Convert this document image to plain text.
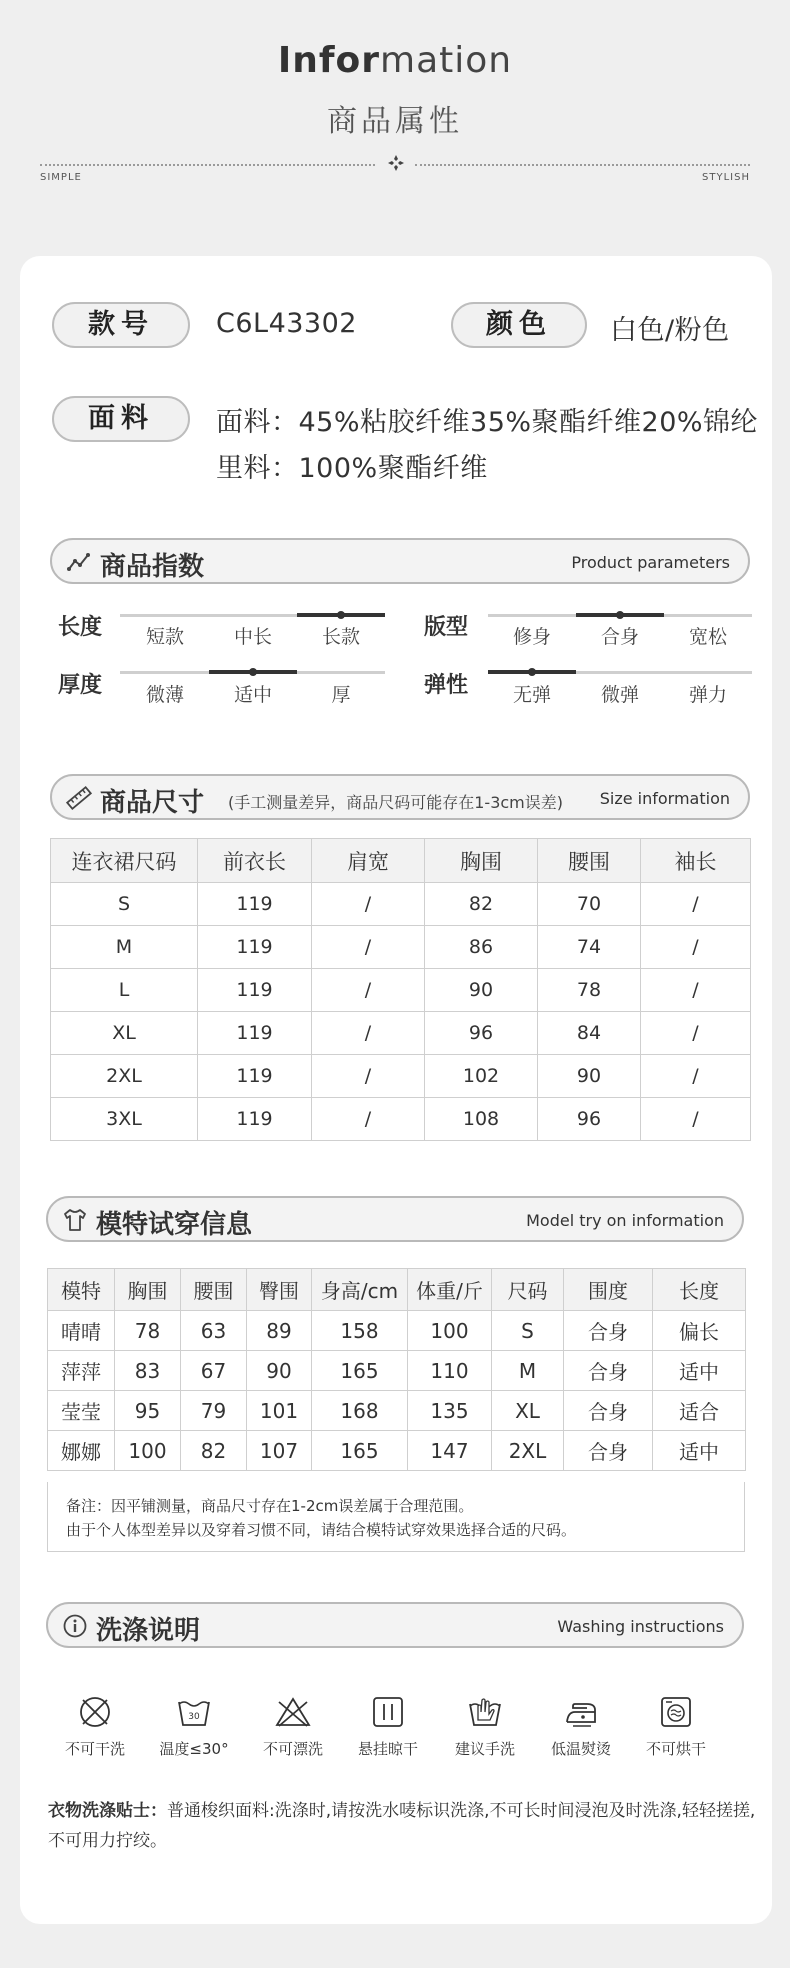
Information
商品属性
SIMPLE	STYLISH
款号	C6L43302	颜色	白色/粉色
面料	面料：45%粘胶纤维35%聚酯纤维20%锦纶
里料：100%聚酯纤维
商品指数	Product parameters
长度	短款	中长	长款	版型	修身	合身	宽松
厚度	微薄	适中	厚	弹性	无弹	微弹	弹力
商品尺寸 (手工测量差异，商品尺码可能存在1-3cm误差) Size information
连衣裙尺码	前衣长	肩宽	胸围	腰围	袖长
S	119	/	82	70	/
M	119	/	86	74	/
L	119	/	90	78	/
XL	119	/	96	84	/
2XL	119	/	102	90	/
3XL	119	/	108	96	/
模特试穿信息	Model try on information
模特	胸围	腰围	臀围	身高/cm	体重/斤	尺码	围度	长度
晴晴	78	63	89	158	100	S	合身	偏长
萍萍	83	67	90	165	110	M	合身	适中
莹莹	95	79	101	168	135	XL	合身	适合
娜娜	100	82	107	165	147	2XL	合身	适中
备注：因平铺测量，商品尺寸存在1-2cm误差属于合理范围。
由于个人体型差异以及穿着习惯不同，请结合模特试穿效果选择合适的尺码。
洗涤说明	Washing instructions
不可干洗
30
温度≤30°	不可漂洗	悬挂晾干	建议手洗	低温熨烫	不可烘干
衣物洗涤贴士：普通梭织面料:洗涤时,请按洗水唛标识洗涤,不可长时间浸泡及时洗涤,轻轻搓搓,不可用力拧绞。
